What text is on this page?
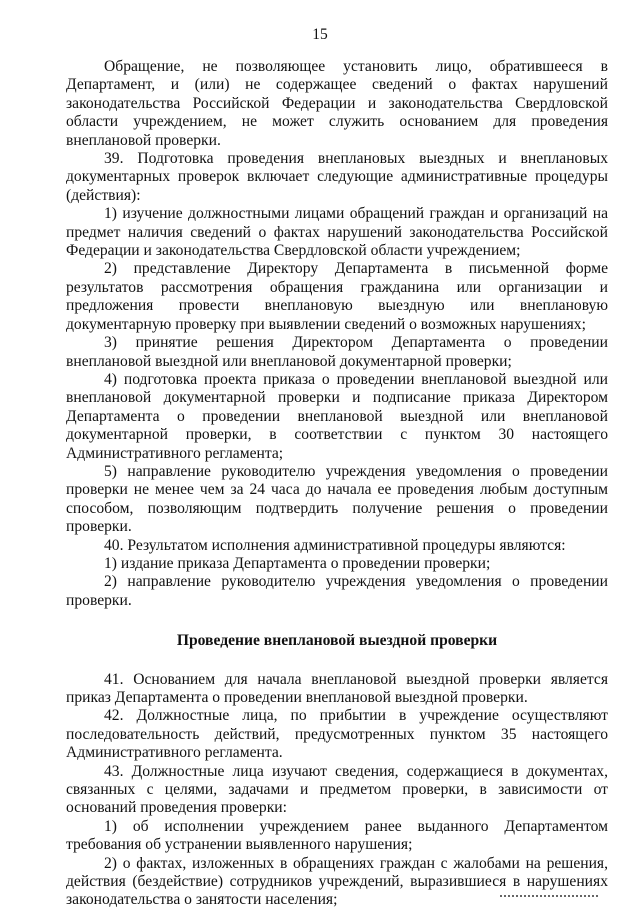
15

Обращение, не позволяющее установить лицо, обратившееся в Департамент, и (или) не содержащее сведений о фактах нарушений законодательства Российской Федерации и законодательства Свердловской области учреждением, не может служить основанием для проведения внеплановой проверки.

39. Подготовка проведения внеплановых выездных и внеплановых документарных проверок включает следующие административные процедуры (действия):

1) изучение должностными лицами обращений граждан и организаций на предмет наличия сведений о фактах нарушений законодательства Российской Федерации и законодательства Свердловской области учреждением;

2) представление Директору Департамента в письменной форме результатов рассмотрения обращения гражданина или организации и предложения провести внеплановую выездную или внеплановую документарную проверку при выявлении сведений о возможных нарушениях;

3) принятие решения Директором Департамента о проведении внеплановой выездной или внеплановой документарной проверки;

4) подготовка проекта приказа о проведении внеплановой выездной или внеплановой документарной проверки и подписание приказа Директором Департамента о проведении внеплановой выездной или внеплановой документарной проверки, в соответствии с пунктом 30 настоящего Административного регламента;

5) направление руководителю учреждения уведомления о проведении проверки не менее чем за 24 часа до начала ее проведения любым доступным способом, позволяющим подтвердить получение решения о проведении проверки.

40. Результатом исполнения административной процедуры являются:

1) издание приказа Департамента о проведении проверки;

2) направление руководителю учреждения уведомления о проведении проверки.

Проведение внеплановой выездной проверки

41. Основанием для начала внеплановой выездной проверки является приказ Департамента о проведении внеплановой выездной проверки.

42. Должностные лица, по прибытии в учреждение осуществляют последовательность действий, предусмотренных пунктом 35 настоящего Административного регламента.

43. Должностные лица изучают сведения, содержащиеся в документах, связанных с целями, задачами и предметом проверки, в зависимости от оснований проведения проверки:

1) об исполнении учреждением ранее выданного Департаментом требования об устранении выявленного нарушения;

2) о фактах, изложенных в обращениях граждан с жалобами на решения, действия (бездействие) сотрудников учреждений, выразившиеся в нарушениях законодательства о занятости населения;
